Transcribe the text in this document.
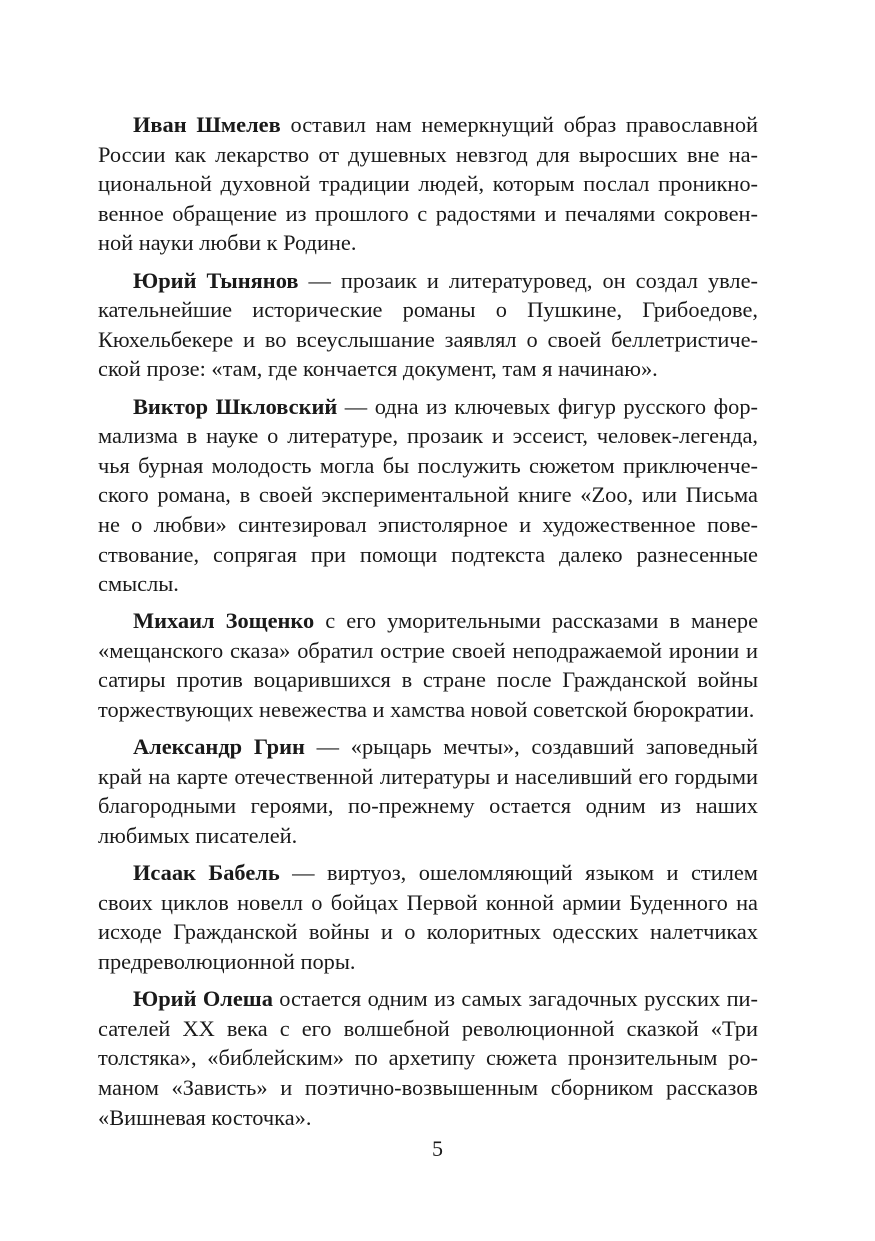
Иван Шмелев оставил нам немеркнущий образ православной России как лекарство от душевных невзгод для выросших вне национальной духовной традиции людей, которым послал проникновенное обращение из прошлого с радостями и печалями сокровенной науки любви к Родине.

Юрий Тынянов — прозаик и литературовед, он создал увлекательнейшие исторические романы о Пушкине, Грибоедове, Кюхельбекере и во всеуслышание заявлял о своей беллетристической прозе: «там, где кончается документ, там я начинаю».

Виктор Шкловский — одна из ключевых фигур русского формализма в науке о литературе, прозаик и эссеист, человек-легенда, чья бурная молодость могла бы послужить сюжетом приключенческого романа, в своей экспериментальной книге «Zoo, или Письма не о любви» синтезировал эпистолярное и художественное повествование, сопрягая при помощи подтекста далеко разнесенные смыслы.

Михаил Зощенко с его уморительными рассказами в манере «мещанского сказа» обратил острие своей неподражаемой иронии и сатиры против воцарившихся в стране после Гражданской войны торжествующих невежества и хамства новой советской бюрократии.

Александр Грин — «рыцарь мечты», создавший заповедный край на карте отечественной литературы и населивший его гордыми благородными героями, по-прежнему остается одним из наших любимых писателей.

Исаак Бабель — виртуоз, ошеломляющий языком и стилем своих циклов новелл о бойцах Первой конной армии Буденного на исходе Гражданской войны и о колоритных одесских налетчиках предреволюционной поры.

Юрий Олеша остается одним из самых загадочных русских писателей XX века с его волшебной революционной сказкой «Три толстяка», «библейским» по архетипу сюжета пронзительным романом «Зависть» и поэтично-возвышенным сборником рассказов «Вишневая косточка».

5
